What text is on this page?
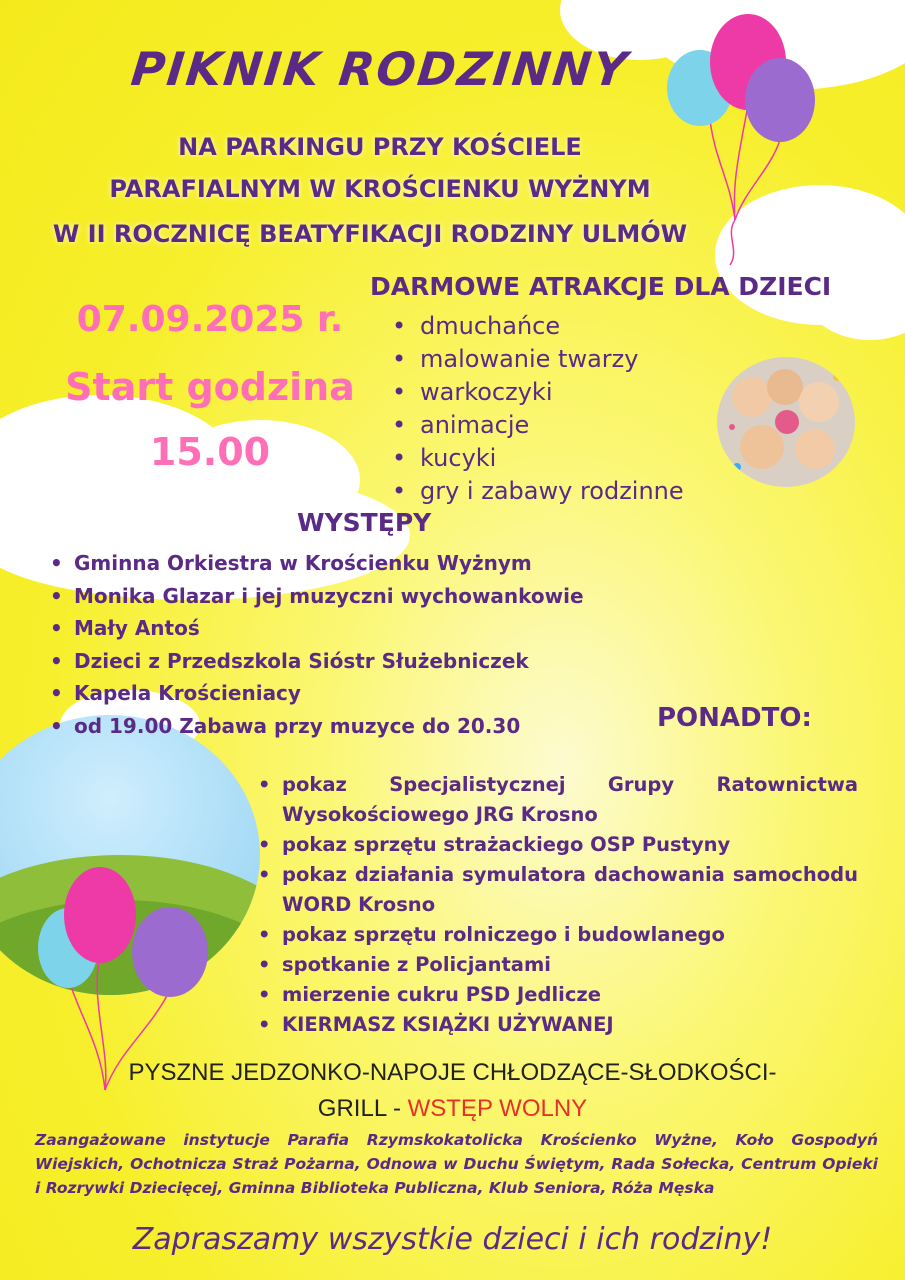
PIKNIK RODZINNY
NA PARKINGU PRZY KOŚCIELE
PARAFIALNYM W KROŚCIENKU WYŻNYM
W II ROCZNICĘ BEATYFIKACJI RODZINY ULMÓW
07.09.2025 r.
Start godzina
15.00
DARMOWE ATRAKCJE DLA DZIECI
• dmuchańce
• malowanie twarzy
• warkoczyki
• animacje
• kucyki
• gry i zabawy rodzinne
WYSTĘPY
• Gminna Orkiestra w Krościenku Wyżnym
• Monika Glazar i jej muzyczni wychowankowie
• Mały Antoś
• Dzieci z Przedszkola Sióstr Służebniczek
• Kapela Krościeniacy
• od 19.00 Zabawa przy muzyce do 20.30	PONADTO:
• pokaz Specjalistycznej Grupy Ratownictwa Wysokościowego JRG Krosno
• pokaz sprzętu strażackiego OSP Pustyny
• pokaz działania symulatora dachowania samochodu WORD Krosno
• pokaz sprzętu rolniczego i budowlanego
• spotkanie z Policjantami
• mierzenie cukru PSD Jedlicze
• KIERMASZ KSIĄŻKI UŻYWANEJ
PYSZNE JEDZONKO-NAPOJE CHŁODZĄCE-SŁODKOŚCI-
GRILL - WSTĘP WOLNY
Zaangażowane instytucje Parafia Rzymskokatolicka Krościenko Wyżne, Koło Gospodyń Wiejskich, Ochotnicza Straż Pożarna, Odnowa w Duchu Świętym, Rada Sołecka, Centrum Opieki i Rozrywki Dziecięcej, Gminna Biblioteka Publiczna, Klub Seniora, Róża Męska
Zapraszamy wszystkie dzieci i ich rodziny!
